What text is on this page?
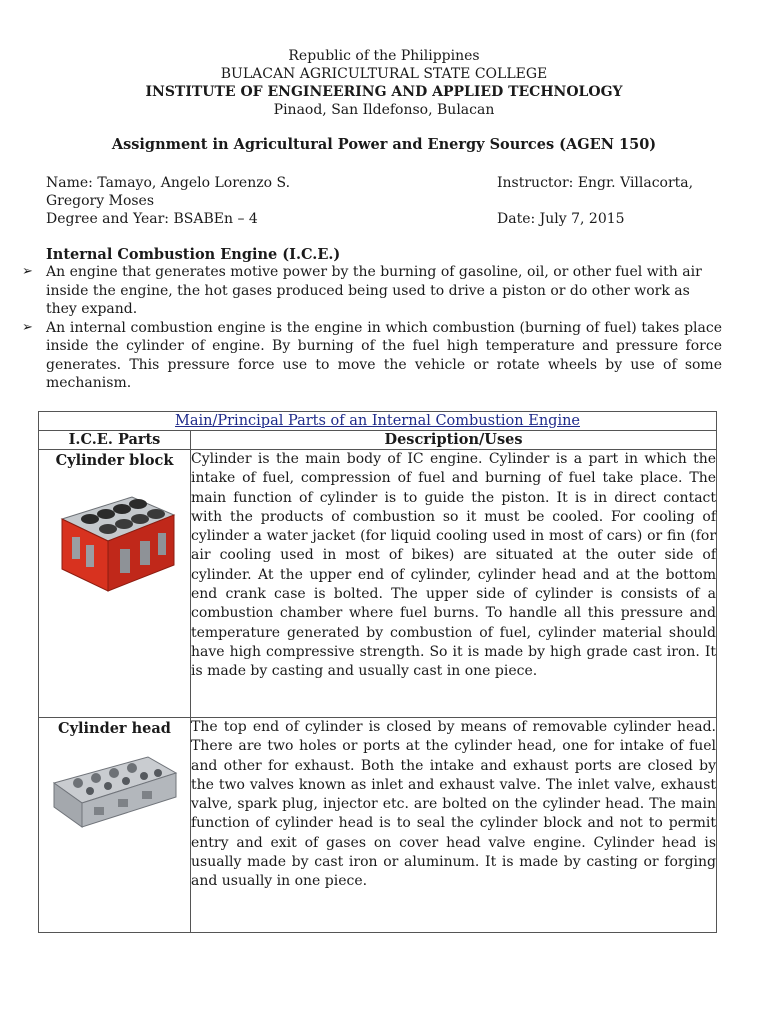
Republic of the Philippines
BULACAN AGRICULTURAL STATE COLLEGE
INSTITUTE OF ENGINEERING AND APPLIED TECHNOLOGY
Pinaod, San Ildefonso, Bulacan
Assignment in Agricultural Power and Energy Sources (AGEN 150)
Name: Tamayo, Angelo Lorenzo S.
Gregory Moses
Instructor: Engr. Villacorta,
Degree and Year: BSABEn – 4	Date: July 7, 2015
Internal Combustion Engine (I.C.E.)
➢ An engine that generates motive power by the burning of gasoline, oil, or other fuel with air inside the engine, the hot gases produced being used to drive a piston or do other work as they expand.

➢ An internal combustion engine is the engine in which combustion (burning of fuel) takes place inside the cylinder of engine. By burning of the fuel high temperature and pressure force generates. This pressure force use to move the vehicle or rotate wheels by use of some mechanism.

Main/Principal Parts of an Internal Combustion Engine	
I.C.E. Parts	Description/Uses

Cylinder block	Cylinder is the main body of IC engine. Cylinder is a part in which the intake of fuel, compression of fuel and burning of fuel take place. The main function of cylinder is to guide the piston. It is in direct contact with the products of combustion so it must be cooled. For cooling of cylinder a water jacket (for liquid cooling used in most of cars) or fin (for air cooling used in most of bikes) are situated at the outer side of cylinder. At the upper end of cylinder, cylinder head and at the bottom end crank case is bolted. The upper side of cylinder is consists of a combustion chamber where fuel burns. To handle all this pressure and temperature generated by combustion of fuel, cylinder material should have high compressive strength. So it is made by high grade cast iron. It is made by casting and usually cast in one piece.

Cylinder head	The top end of cylinder is closed by means of removable cylinder head. There are two holes or ports at the cylinder head, one for intake of fuel and other for exhaust. Both the intake and exhaust ports are closed by the two valves known as inlet and exhaust valve. The inlet valve, exhaust valve, spark plug, injector etc. are bolted on the cylinder head. The main function of cylinder head is to seal the cylinder block and not to permit entry and exit of gases on cover head valve engine. Cylinder head is usually made by cast iron or aluminum. It is made by casting or forging and usually in one piece.
